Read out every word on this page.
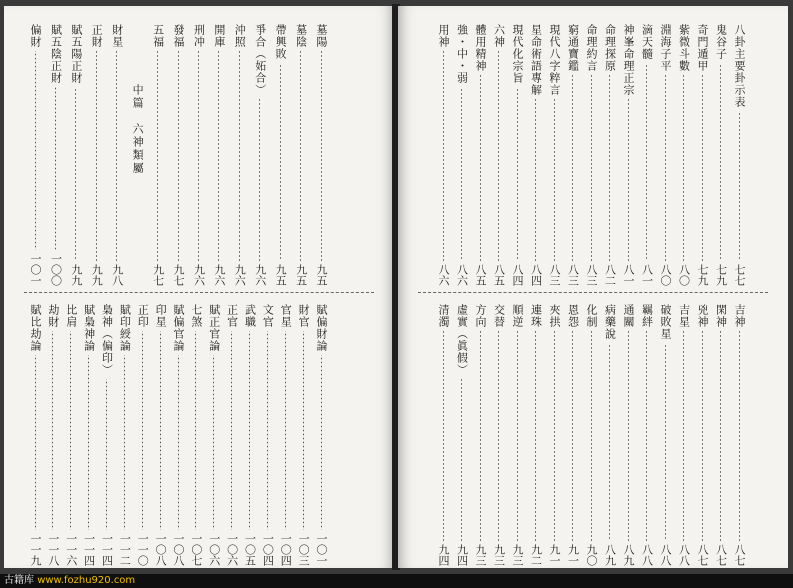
墓陽
九五
墓陰
九五
帶興敗
九五
爭合（妬合）
九六
沖照
九六
開庫
九六
刑冲
九六
發福
九七
五福
九七
中篇　六神類屬
財星
九八
正財
九九
賦五陽正財
九九
賦五陰正財
一〇〇
偏財
一〇一
賦偏財論
一〇一
財官
一〇三
官星
一〇四
文官
一〇四
武職
一〇五
正官
一〇六
賦正官論
一〇六
七煞
一〇七
賦偏官論
一〇八
印星
一〇八
正印
一一〇
賦印綬論
一一二
梟神（偏印）
一一四
賦梟神論
一一四
比肩
一一六
劫財
一一八
賦比劫論
一一九
八卦主要卦示表
七七
鬼谷子
七九
奇門遁甲
七九
紫微斗數
八〇
淵海子平
八〇
滴天髓
八一
神峯命理正宗
八一
命理探原
八二
命理約言
八三
窮通寶鑑
八三
現代八字粹言
八三
星命術語專解
八四
現代化宗旨
八四
六神
八五
體用精神
八五
強・中・弱
八六
用神
八六
吉神
八七
閑神
八七
兇神
八七
吉星
八八
破敗星
八八
羈絆
八八
通關
八九
病藥說
八九
化制
九〇
恩怨
九一
夾拱
九一
連珠
九二
順逆
九三
交替
九三
方向
九三
虛實（眞假）
九四
清濁
九四
古籍库 www.fozhu920.com
